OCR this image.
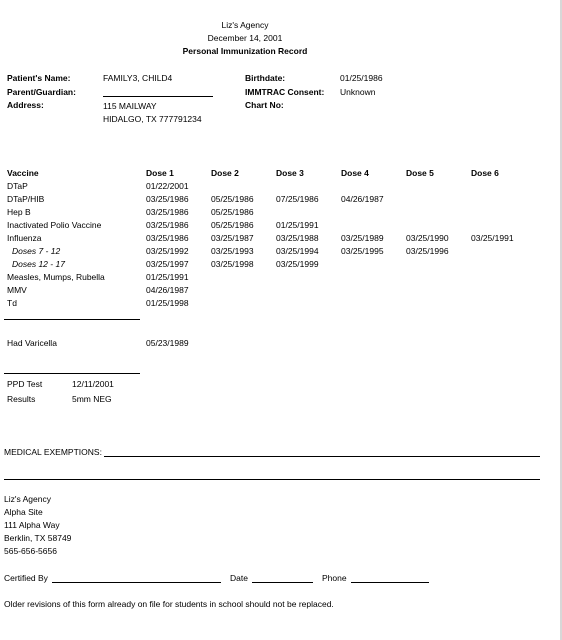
Liz's Agency
December 14, 2001
Personal Immunization Record
Patient's Name:	FAMILY3, CHILD4
Parent/Guardian:
Address:	115 MAILWAY
HIDALGO, TX 777791234
Birthdate:	01/25/1986
IMMTRAC Consent: Unknown
Chart No:
Vaccine	Dose 1	Dose 2	Dose 3	Dose 4	Dose 5	Dose 6
DTaP	01/22/2001
DTaP/HIB	03/25/1986	05/25/1986	07/25/1986	04/26/1987
Hep B	03/25/1986	05/25/1986
Inactivated Polio Vaccine	03/25/1986	05/25/1986	01/25/1991
Influenza	03/25/1986	03/25/1987	03/25/1988	03/25/1989	03/25/1990	03/25/1991
Doses 7 - 12	03/25/1992	03/25/1993	03/25/1994	03/25/1995	03/25/1996
Doses 12 - 17	03/25/1997	03/25/1998	03/25/1999
Measles, Mumps, Rubella	01/25/1991
MMV	04/26/1987
Td	01/25/1998
Had Varicella	05/23/1989
PPD Test	12/11/2001
Results	5mm NEG
MEDICAL EXEMPTIONS:
Liz's Agency
Alpha Site
111 Alpha Way
Berklin, TX 58749
565-656-5656
Certified By	Date	Phone
Older revisions of this form already on file for students in school should not be replaced.
